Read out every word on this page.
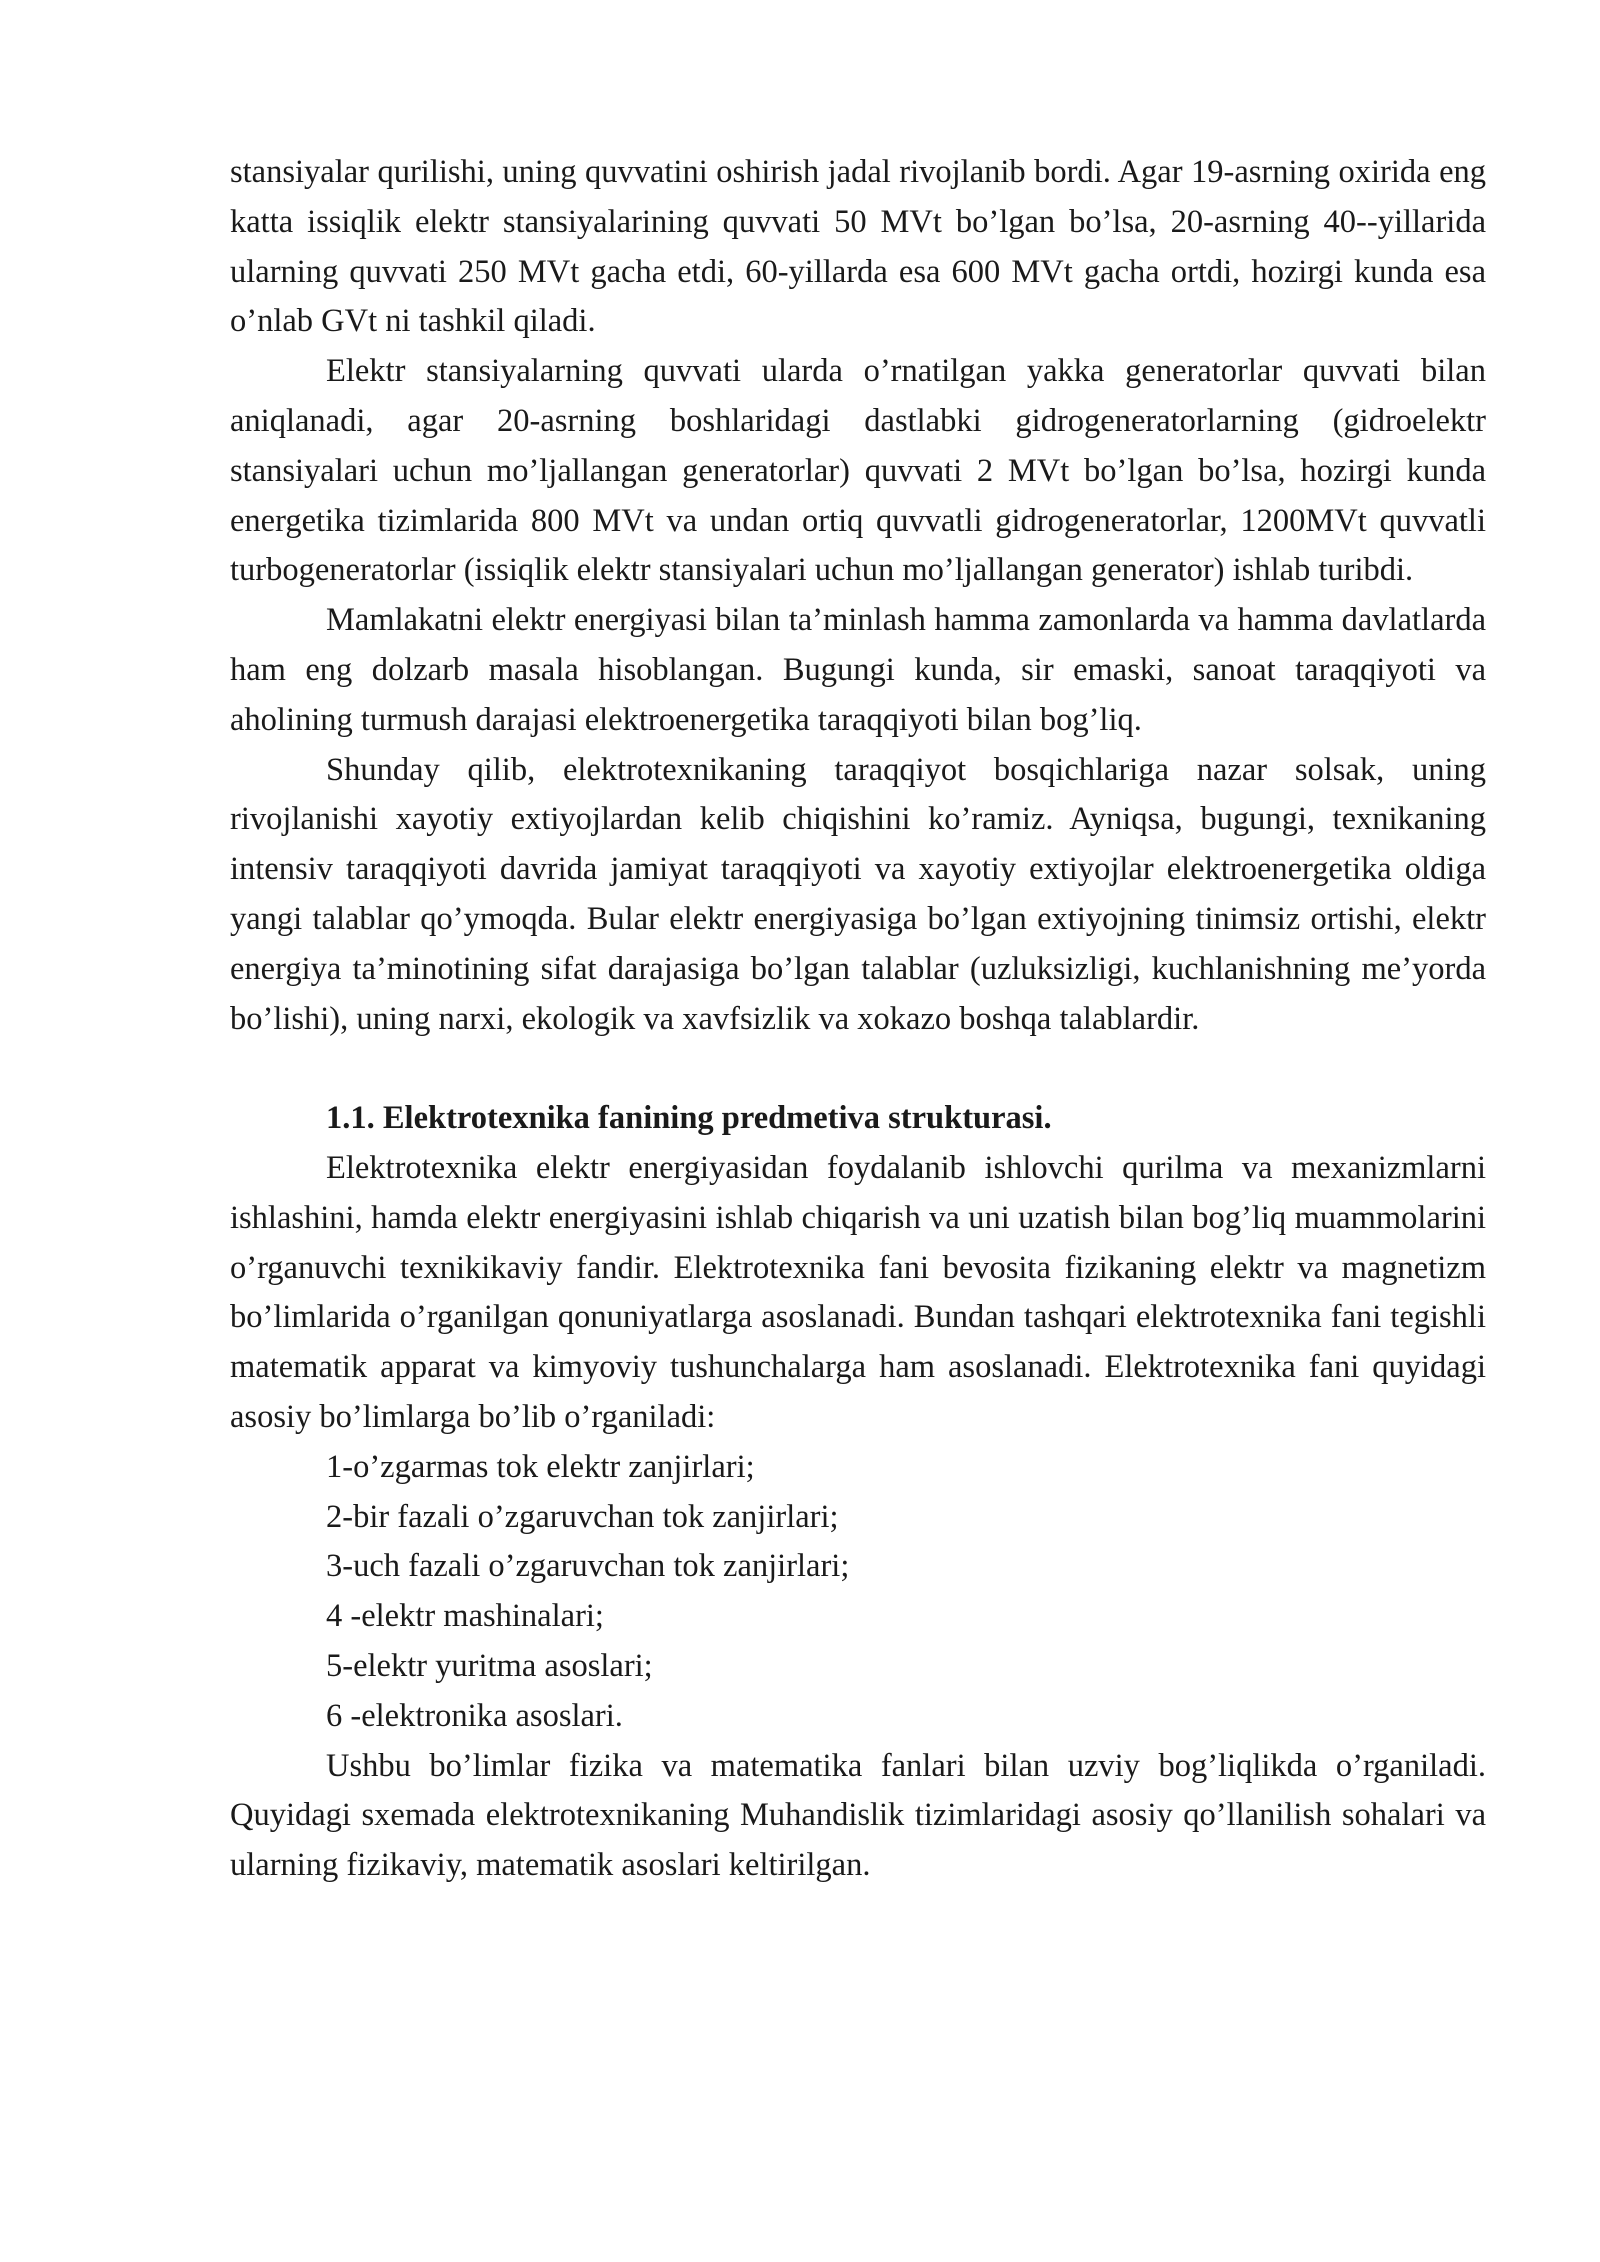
stansiyalar qurilishi, uning quvvatini oshirish jadal rivojlanib bordi. Agar 19-asrning oxirida eng katta issiqlik elektr stansiyalarining quvvati 50 MVt bo’lgan bo’lsa, 20-asrning 40--yillarida ularning quvvati 250 MVt gacha etdi, 60-yillarda esa 600 MVt gacha ortdi, hozirgi kunda esa o’nlab GVt ni tashkil qiladi.

Elektr stansiyalarning quvvati ularda o’rnatilgan yakka generatorlar quvvati bilan aniqlanadi, agar 20-asrning boshlaridagi dastlabki gidrogeneratorlarning (gidroelektr stansiyalari uchun mo’ljallangan generatorlar) quvvati 2 MVt bo’lgan bo’lsa, hozirgi kunda energetika tizimlarida 800 MVt va undan ortiq quvvatli gidrogeneratorlar, 1200MVt quvvatli turbogeneratorlar (issiqlik elektr stansiyalari uchun mo’ljallangan generator) ishlab turibdi.

Mamlakatni elektr energiyasi bilan ta’minlash hamma zamonlarda va hamma davlatlarda ham eng dolzarb masala hisoblangan. Bugungi kunda, sir emaski, sanoat taraqqiyoti va aholining turmush darajasi elektroenergetika taraqqiyoti bilan bog’liq.

Shunday qilib, elektrotexnikaning taraqqiyot bosqichlariga nazar solsak, uning rivojlanishi xayotiy extiyojlardan kelib chiqishini ko’ramiz. Ayniqsa, bugungi, texnikaning intensiv taraqqiyoti davrida jamiyat taraqqiyoti va xayotiy extiyojlar elektroenergetika oldiga yangi talablar qo’ymoqda. Bular elektr energiyasiga bo’lgan extiyojning tinimsiz ortishi, elektr energiya ta’minotining sifat darajasiga bo’lgan talablar (uzluksizligi, kuchlanishning me’yorda bo’lishi), uning narxi, ekologik va xavfsizlik va xokazo boshqa talablardir.

1.1. Elektrotexnika fanining predmetiva strukturasi.

Elektrotexnika elektr energiyasidan foydalanib ishlovchi qurilma va mexanizmlarni ishlashini, hamda elektr energiyasini ishlab chiqarish va uni uzatish bilan bog’liq muammolarini o’rganuvchi texnikikaviy fandir. Elektrotexnika fani bevosita fizikaning elektr va magnetizm bo’limlarida o’rganilgan qonuniyatlarga asoslanadi. Bundan tashqari elektrotexnika fani tegishli matematik apparat va kimyoviy tushunchalarga ham asoslanadi. Elektrotexnika fani quyidagi asosiy bo’limlarga bo’lib o’rganiladi:

1-o’zgarmas tok elektr zanjirlari;
2-bir fazali o’zgaruvchan tok zanjirlari;
3-uch fazali o’zgaruvchan tok zanjirlari;
4 -elektr mashinalari;
5-elektr yuritma asoslari;
6 -elektronika asoslari.

Ushbu bo’limlar fizika va matematika fanlari bilan uzviy bog’liqlikda o’rganiladi. Quyidagi sxemada elektrotexnikaning Muhandislik tizimlaridagi asosiy qo’llanilish sohalari va ularning fizikaviy, matematik asoslari keltirilgan.
